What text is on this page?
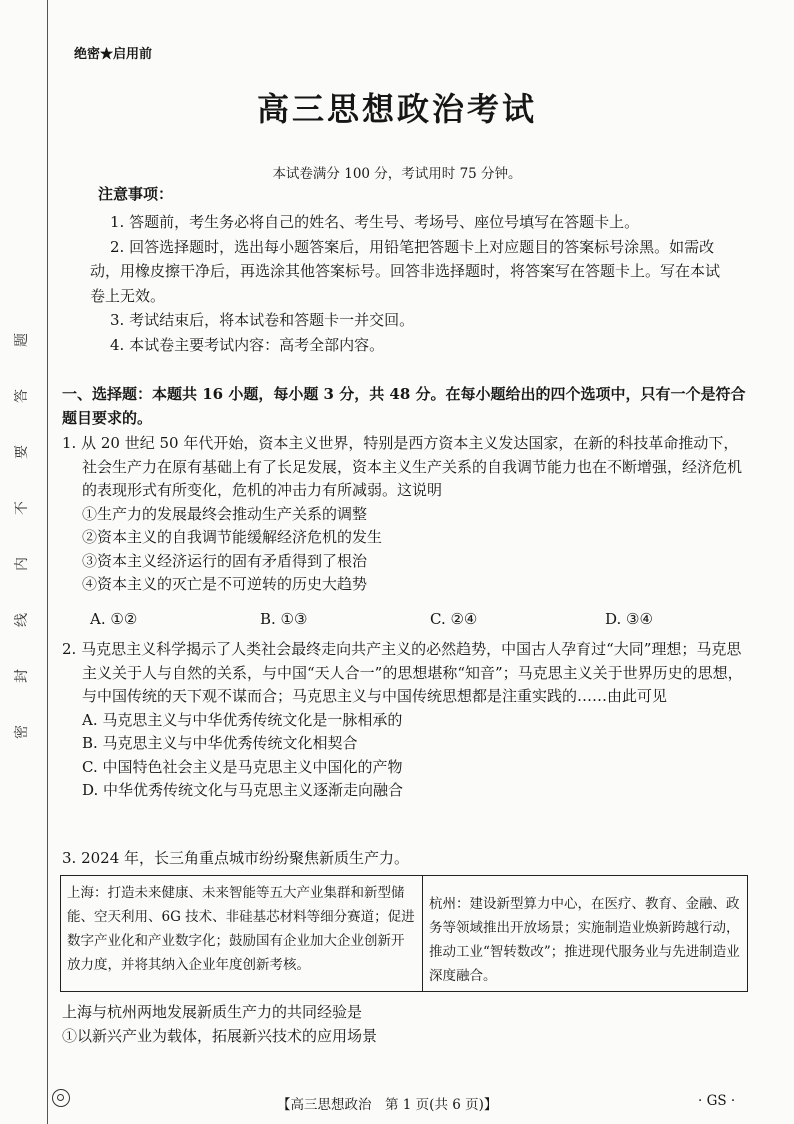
题
答
要
不
内
线
封
密
绝密★启用前
高三思想政治考试
本试卷满分 100 分，考试用时 75 分钟。
注意事项：

1. 答题前，考生务必将自己的姓名、考生号、考场号、座位号填写在答题卡上。

2. 回答选择题时，选出每小题答案后，用铅笔把答题卡上对应题目的答案标号涂黑。如需改动，用橡皮擦干净后，再选涂其他答案标号。回答非选择题时，将答案写在答题卡上。写在本试卷上无效。

3. 考试结束后，将本试卷和答题卡一并交回。

4. 本试卷主要考试内容：高考全部内容。

一、选择题：本题共 16 小题，每小题 3 分，共 48 分。在每小题给出的四个选项中，只有一个是符合题目要求的。

1. 从 20 世纪 50 年代开始，资本主义世界，特别是西方资本主义发达国家，在新的科技革命推动下，社会生产力在原有基础上有了长足发展，资本主义生产关系的自我调节能力也在不断增强，经济危机的表现形式有所变化，危机的冲击力有所减弱。这说明

①生产力的发展最终会推动生产关系的调整

②资本主义的自我调节能缓解经济危机的发生

③资本主义经济运行的固有矛盾得到了根治

④资本主义的灭亡是不可逆转的历史大趋势

A. ①②	B. ①③	C. ②④	D. ③④

2. 马克思主义科学揭示了人类社会最终走向共产主义的必然趋势，中国古人孕育过“大同”理想；马克思主义关于人与自然的关系，与中国“天人合一”的思想堪称“知音”；马克思主义关于世界历史的思想，与中国传统的天下观不谋而合；马克思主义与中国传统思想都是注重实践的……由此可见

A. 马克思主义与中华优秀传统文化是一脉相承的

B. 马克思主义与中华优秀传统文化相契合

C. 中国特色社会主义是马克思主义中国化的产物

D. 中华优秀传统文化与马克思主义逐渐走向融合

3. 2024 年，长三角重点城市纷纷聚焦新质生产力。

上海：打造未来健康、未来智能等五大产业集群和新型储能、空天利用、6G 技术、非硅基芯材料等细分赛道；促进数字产业化和产业数字化；鼓励国有企业加大企业创新开放力度，并将其纳入企业年度创新考核。
杭州：建设新型算力中心，在医疗、教育、金融、政务等领域推出开放场景；实施制造业焕新跨越行动，推动工业“智转数改”；推进现代服务业与先进制造业深度融合。

上海与杭州两地发展新质生产力的共同经验是

①以新兴产业为载体，拓展新兴技术的应用场景

【高三思想政治　第 1 页(共 6 页)】	· GS ·
